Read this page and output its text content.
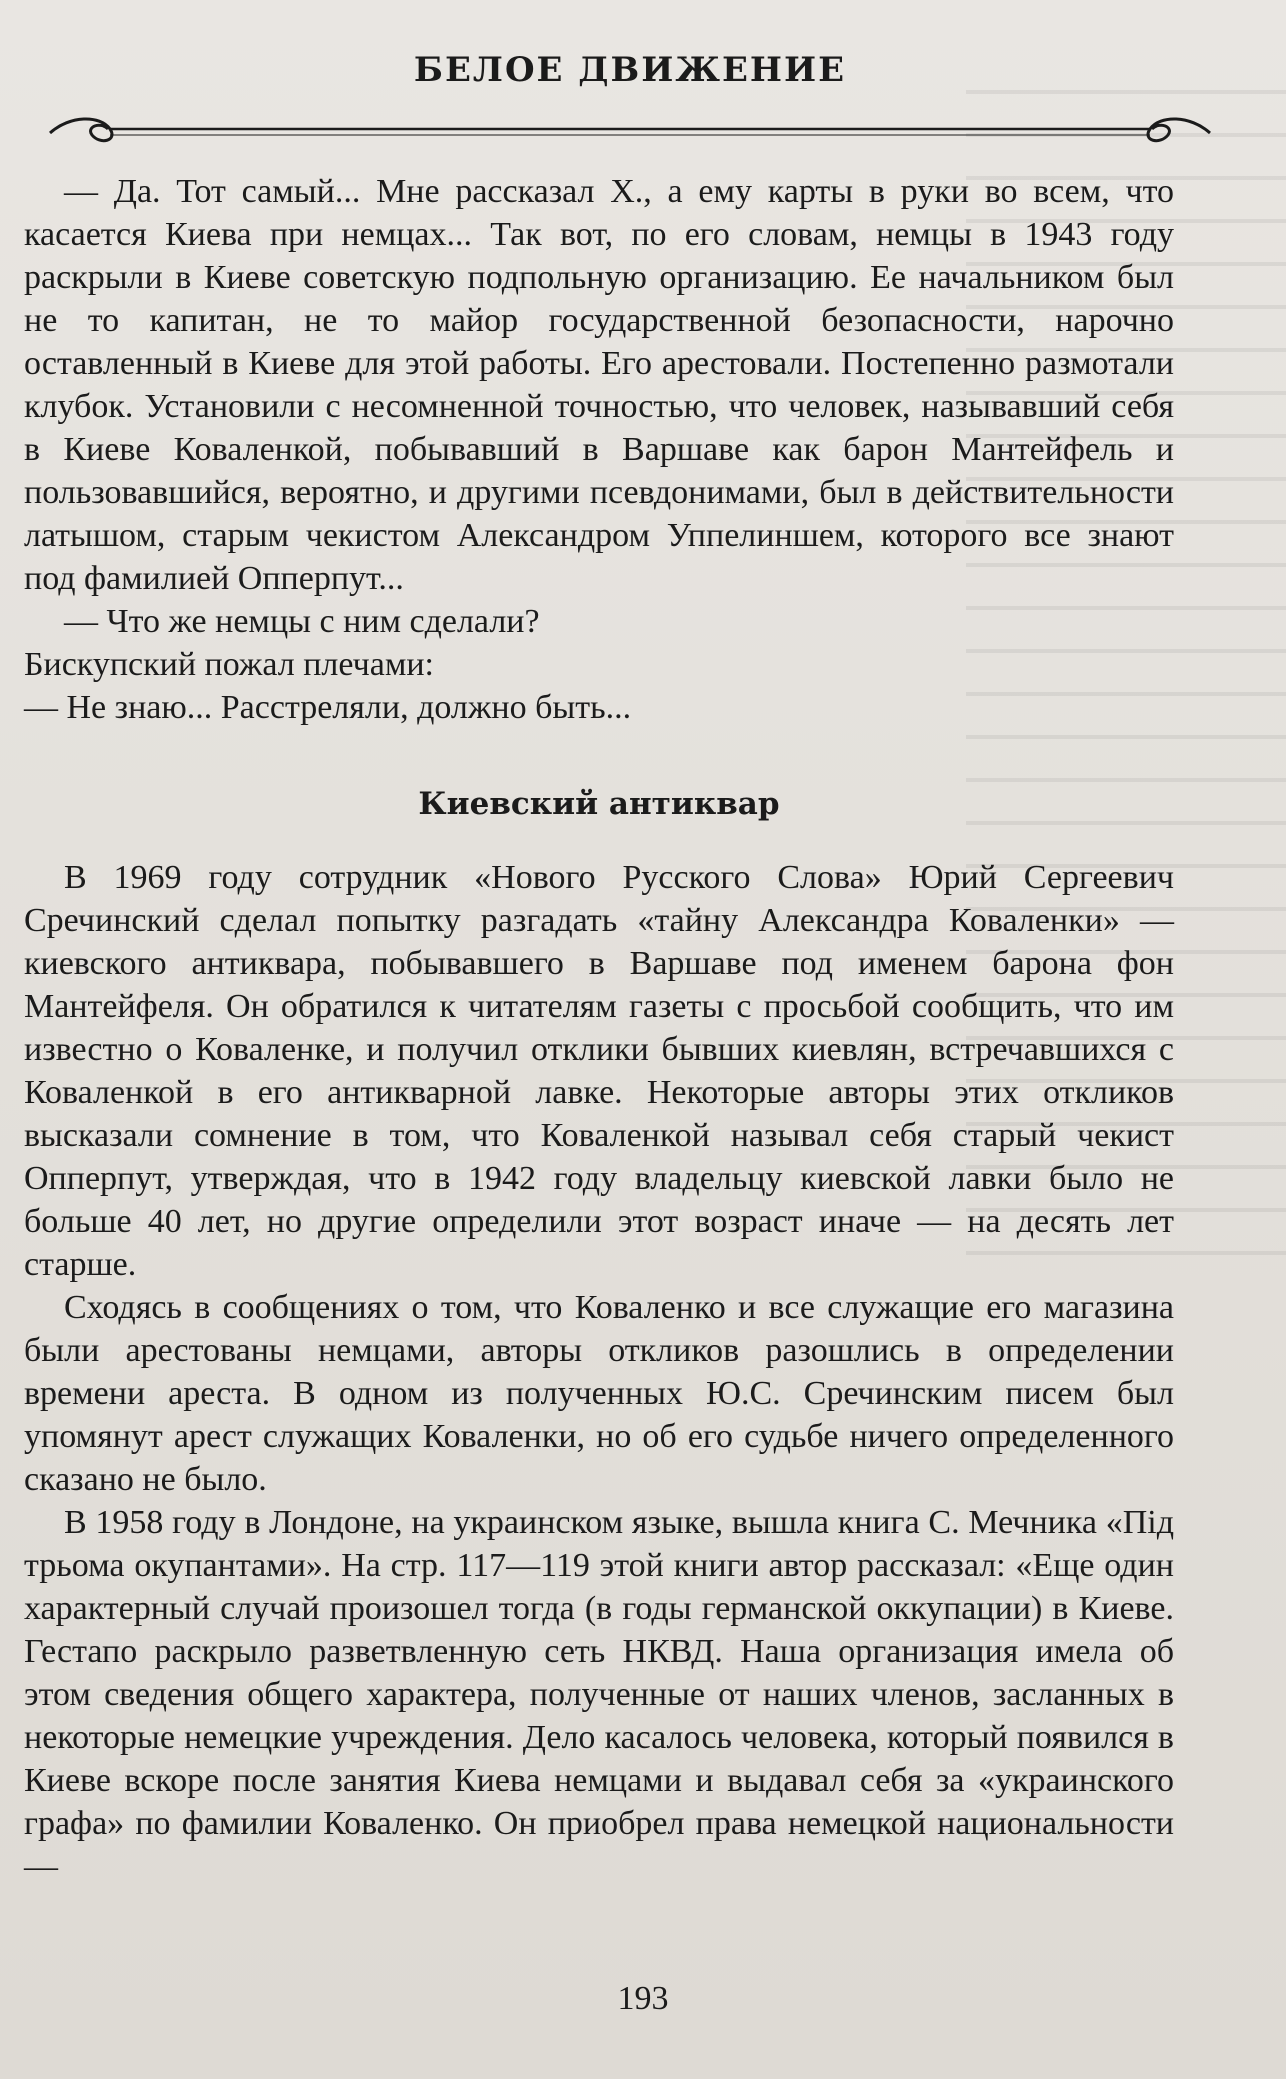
БЕЛОЕ ДВИЖЕНИЕ

— Да. Тот самый... Мне рассказал Х., а ему карты в руки во всем, что касается Киева при немцах... Так вот, по его словам, немцы в 1943 году раскрыли в Киеве советскую подпольную организацию. Ее начальником был не то капитан, не то майор государственной безопасности, нарочно оставленный в Киеве для этой работы. Его арестовали. Постепенно размотали клубок. Установили с несомненной точностью, что человек, называвший себя в Киеве Коваленкой, побывавший в Варшаве как барон Мантейфель и пользовавшийся, вероятно, и другими псевдонимами, был в действительности латышом, старым чекистом Александром Уппелиншем, которого все знают под фамилией Опперпут...

— Что же немцы с ним сделали?

Бискупский пожал плечами:

— Не знаю... Расстреляли, должно быть...

Киевский антиквар

В 1969 году сотрудник «Нового Русского Слова» Юрий Сергеевич Сречинский сделал попытку разгадать «тайну Александра Коваленки» — киевского антиквара, побывавшего в Варшаве под именем барона фон Мантейфеля. Он обратился к читателям газеты с просьбой сообщить, что им известно о Коваленке, и получил отклики бывших киевлян, встречавшихся с Коваленкой в его антикварной лавке. Некоторые авторы этих откликов высказали сомнение в том, что Коваленкой называл себя старый чекист Опперпут, утверждая, что в 1942 году владельцу киевской лавки было не больше 40 лет, но другие определили этот возраст иначе — на десять лет старше.

Сходясь в сообщениях о том, что Коваленко и все служащие его магазина были арестованы немцами, авторы откликов разошлись в определении времени ареста. В одном из полученных Ю.С. Сречинским писем был упомянут арест служащих Коваленки, но об его судьбе ничего определенного сказано не было.

В 1958 году в Лондоне, на украинском языке, вышла книга С. Мечника «Під трьома окупантами». На стр. 117—119 этой книги автор рассказал: «Еще один характерный случай произошел тогда (в годы германской оккупации) в Киеве. Гестапо раскрыло разветвленную сеть НКВД. Наша организация имела об этом сведения общего характера, полученные от наших членов, засланных в некоторые немецкие учреждения. Дело касалось человека, который появился в Киеве вскоре после занятия Киева немцами и выдавал себя за «украинского графа» по фамилии Коваленко. Он приобрел права немецкой национальности —

193
